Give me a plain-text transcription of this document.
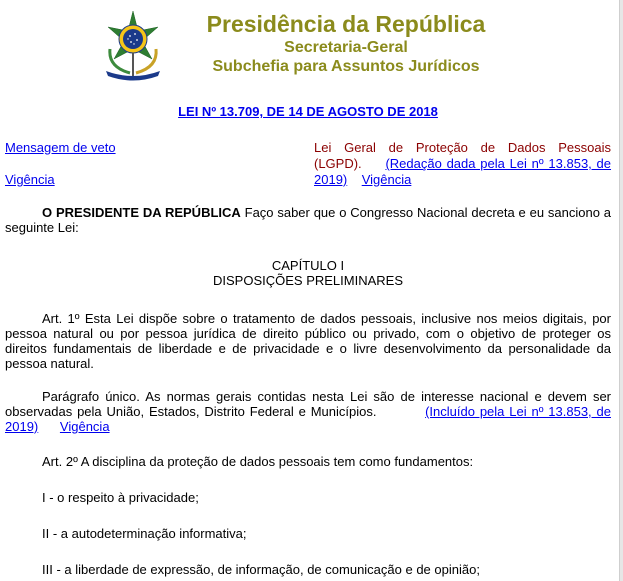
Presidência da República
Secretaria-Geral
Subchefia para Assuntos Jurídicos
LEI Nº 13.709, DE 14 DE AGOSTO DE 2018
Mensagem de veto
Vigência
Lei Geral de Proteção de Dados Pessoais (LGPD). (Redação dada pela Lei nº 13.853, de 2019) Vigência

O PRESIDENTE DA REPÚBLICA Faço saber que o Congresso Nacional decreta e eu sanciono a seguinte Lei:

CAPÍTULO I

DISPOSIÇÕES PRELIMINARES

Art. 1º Esta Lei dispõe sobre o tratamento de dados pessoais, inclusive nos meios digitais, por pessoa natural ou por pessoa jurídica de direito público ou privado, com o objetivo de proteger os direitos fundamentais de liberdade e de privacidade e o livre desenvolvimento da personalidade da pessoa natural.

Parágrafo único. As normas gerais contidas nesta Lei são de interesse nacional e devem ser observadas pela União, Estados, Distrito Federal e Municípios.	(Incluído pela Lei nº 13.853, de 2019) Vigência

Art. 2º A disciplina da proteção de dados pessoais tem como fundamentos:

I - o respeito à privacidade;

II - a autodeterminação informativa;

III - a liberdade de expressão, de informação, de comunicação e de opinião;
